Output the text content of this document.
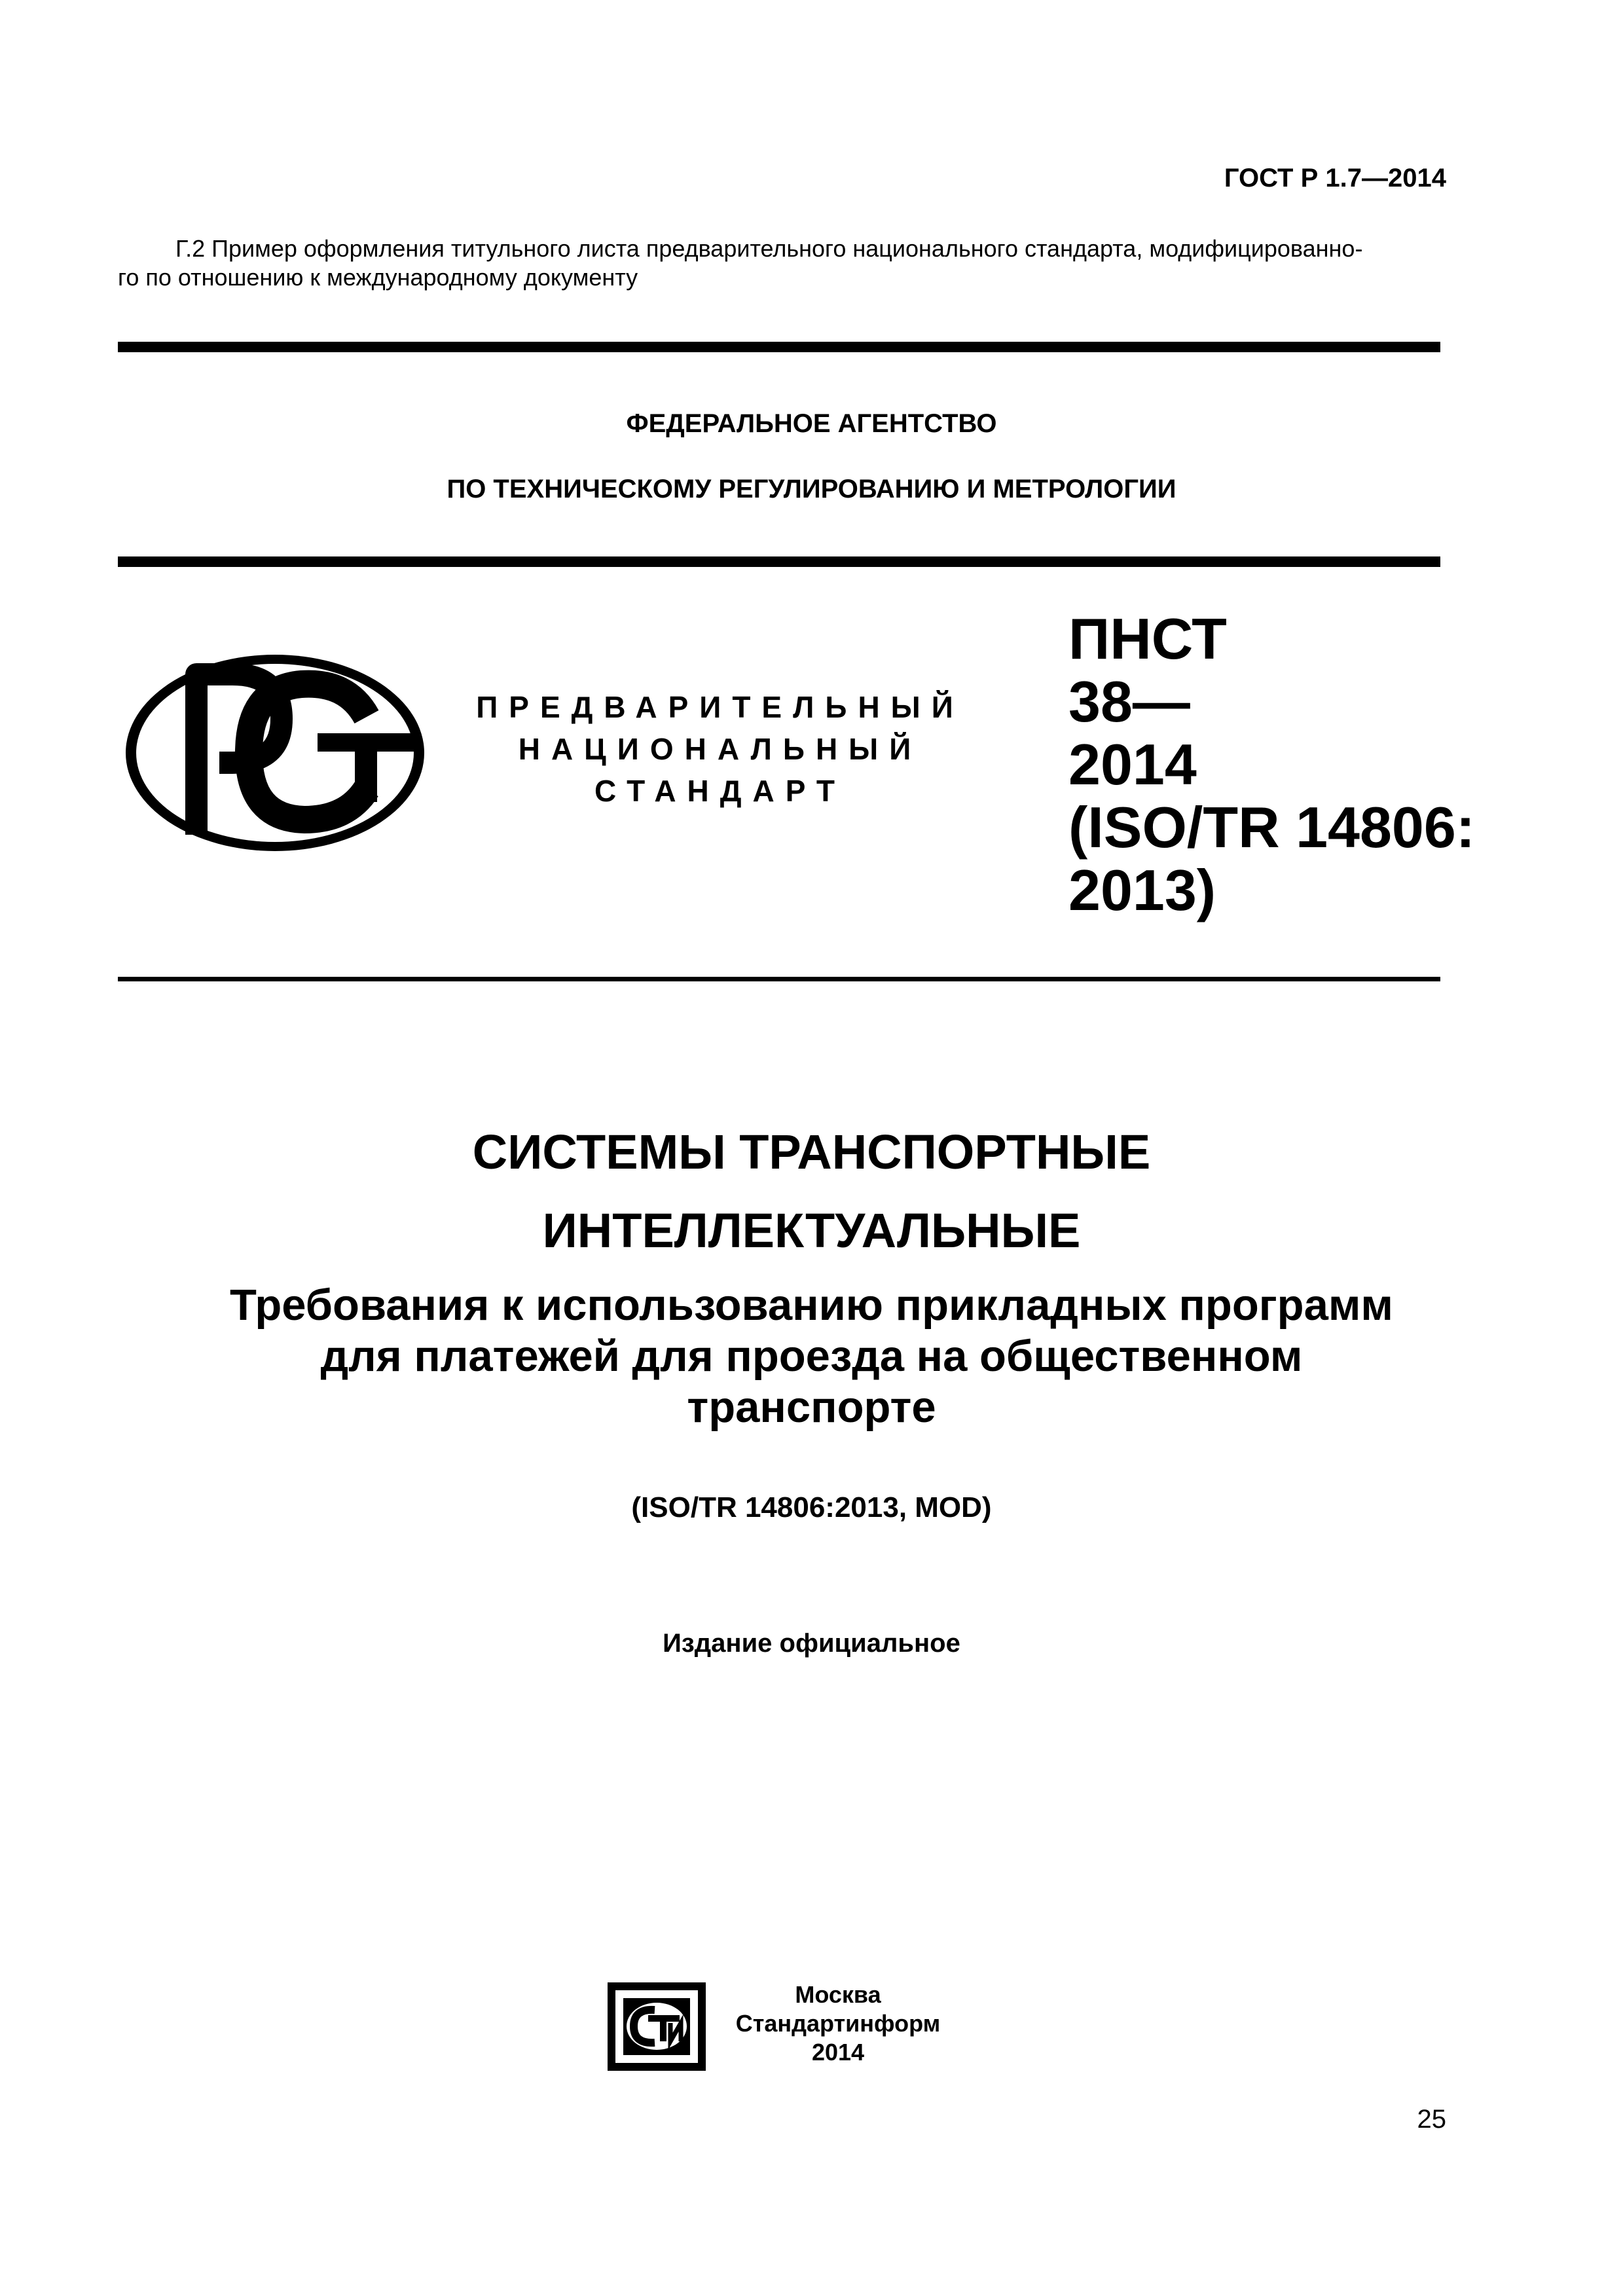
ГОСТ Р 1.7—2014
Г.2 Пример оформления титульного листа предварительного национального стандарта, модифицированно-
го по отношению к международному документу
ФЕДЕРАЛЬНОЕ АГЕНТСТВО
ПО ТЕХНИЧЕСКОМУ РЕГУЛИРОВАНИЮ И МЕТРОЛОГИИ
ПРЕДВАРИТЕЛЬНЫЙ
НАЦИОНАЛЬНЫЙ
СТАНДАРТ
ПНСТ
38—
2014
(ISO/TR 14806:
2013)
СИСТЕМЫ ТРАНСПОРТНЫЕ
ИНТЕЛЛЕКТУАЛЬНЫЕ
Требования к использованию прикладных программ
для платежей для проезда на общественном
транспорте
(ISO/TR 14806:2013, MOD)
Издание официальное
Москва
Стандартинформ
2014
25
